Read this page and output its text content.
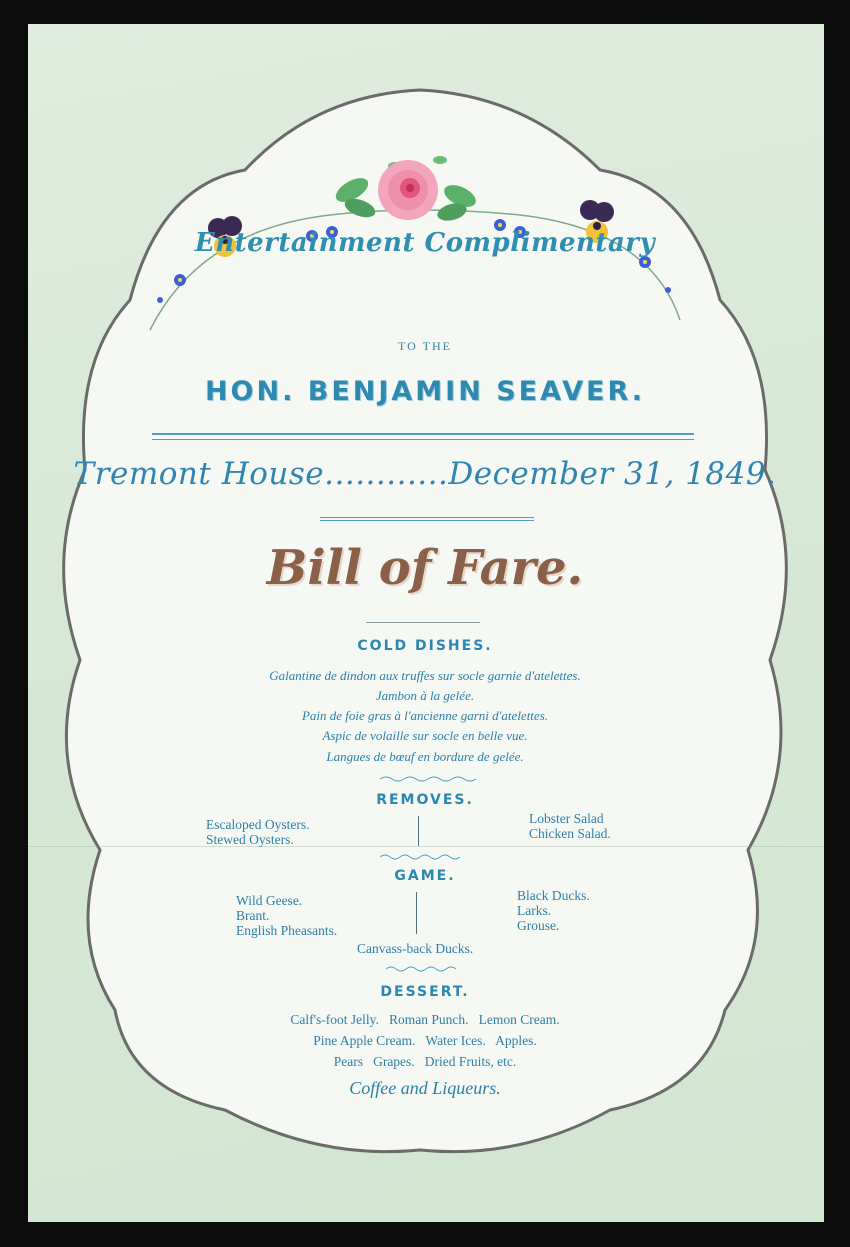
Entertainment Complimentary
TO THE
HON. BENJAMIN SEAVER.
Tremont House............December 31, 1849.
Bill of Fare.
COLD DISHES.
Galantine de dindon aux truffes sur socle garnie d'atelettes.
Jambon à la gelée.
Pain de foie gras à l'ancienne garni d'atelettes.
Aspic de volaille sur socle en belle vue.
Langues de bœuf en bordure de gelée.
REMOVES.
Escaloped Oysters.
Stewed Oysters.
Lobster Salad
Chicken Salad.
GAME.
Wild Geese.
Brant.
English Pheasants.
Black Ducks.
Larks.
Grouse.
Canvass-back Ducks.
DESSERT.
Calf's-foot Jelly.   Roman Punch.   Lemon Cream.
Pine Apple Cream.   Water Ices.   Apples.
Pears   Grapes.   Dried Fruits, etc.
Coffee and Liqueurs.
